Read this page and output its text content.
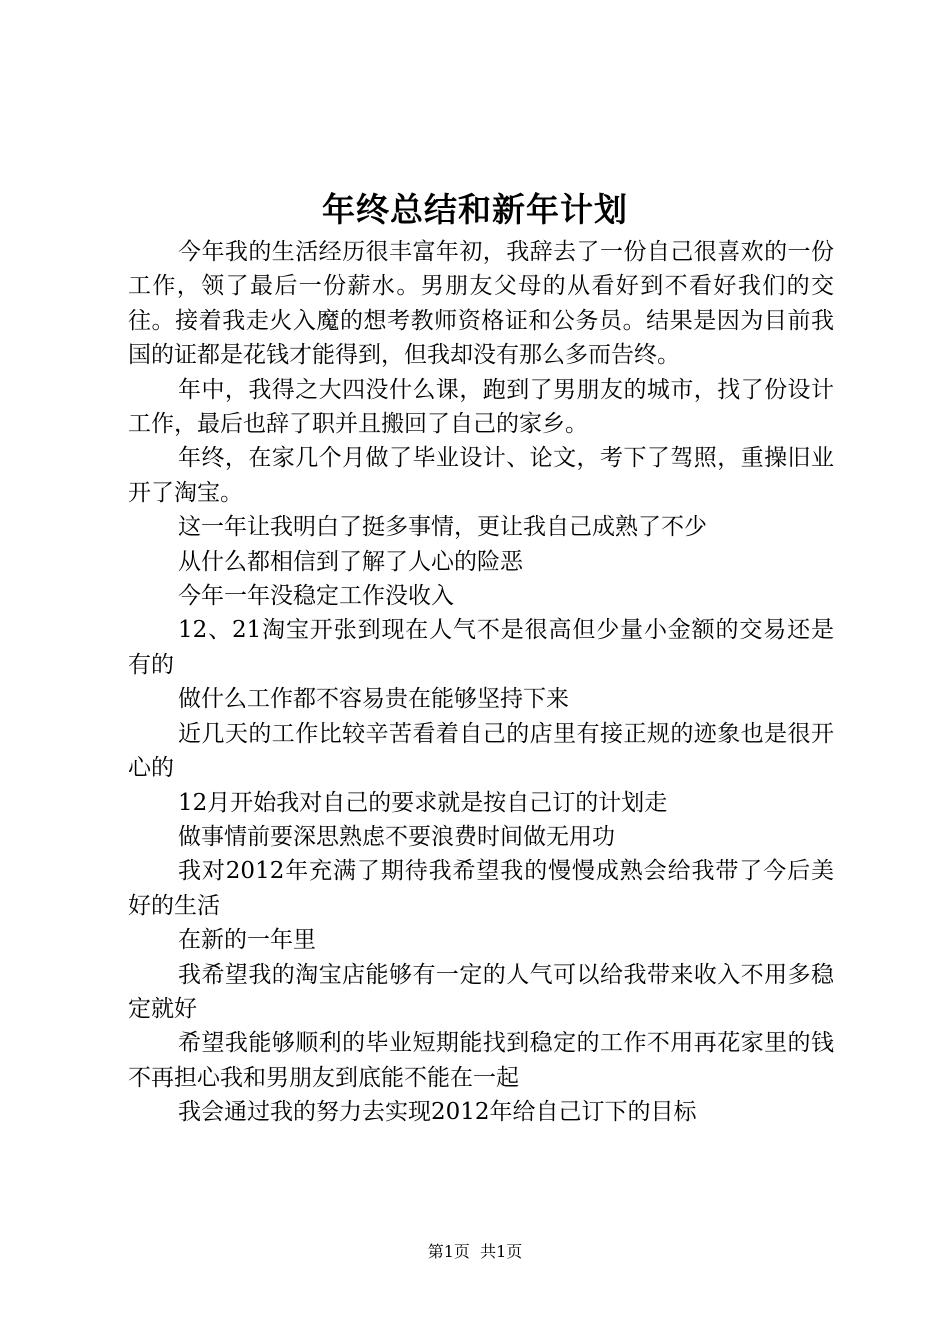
年终总结和新年计划

今年我的生活经历很丰富年初，我辞去了一份自己很喜欢的一份工作，领了最后一份薪水。男朋友父母的从看好到不看好我们的交往。接着我走火入魔的想考教师资格证和公务员。结果是因为目前我国的证都是花钱才能得到，但我却没有那么多而告终。

年中，我得之大四没什么课，跑到了男朋友的城市，找了份设计工作，最后也辞了职并且搬回了自己的家乡。

年终，在家几个月做了毕业设计、论文，考下了驾照，重操旧业开了淘宝。

这一年让我明白了挺多事情，更让我自己成熟了不少

从什么都相信到了解了人心的险恶

今年一年没稳定工作没收入

12、21淘宝开张到现在人气不是很高但少量小金额的交易还是有的

做什么工作都不容易贵在能够坚持下来

近几天的工作比较辛苦看着自己的店里有接正规的迹象也是很开心的

12月开始我对自己的要求就是按自己订的计划走

做事情前要深思熟虑不要浪费时间做无用功

我对2012年充满了期待我希望我的慢慢成熟会给我带了今后美好的生活

在新的一年里

我希望我的淘宝店能够有一定的人气可以给我带来收入不用多稳定就好

希望我能够顺利的毕业短期能找到稳定的工作不用再花家里的钱不再担心我和男朋友到底能不能在一起

我会通过我的努力去实现2012年给自己订下的目标

第1页 共1页
